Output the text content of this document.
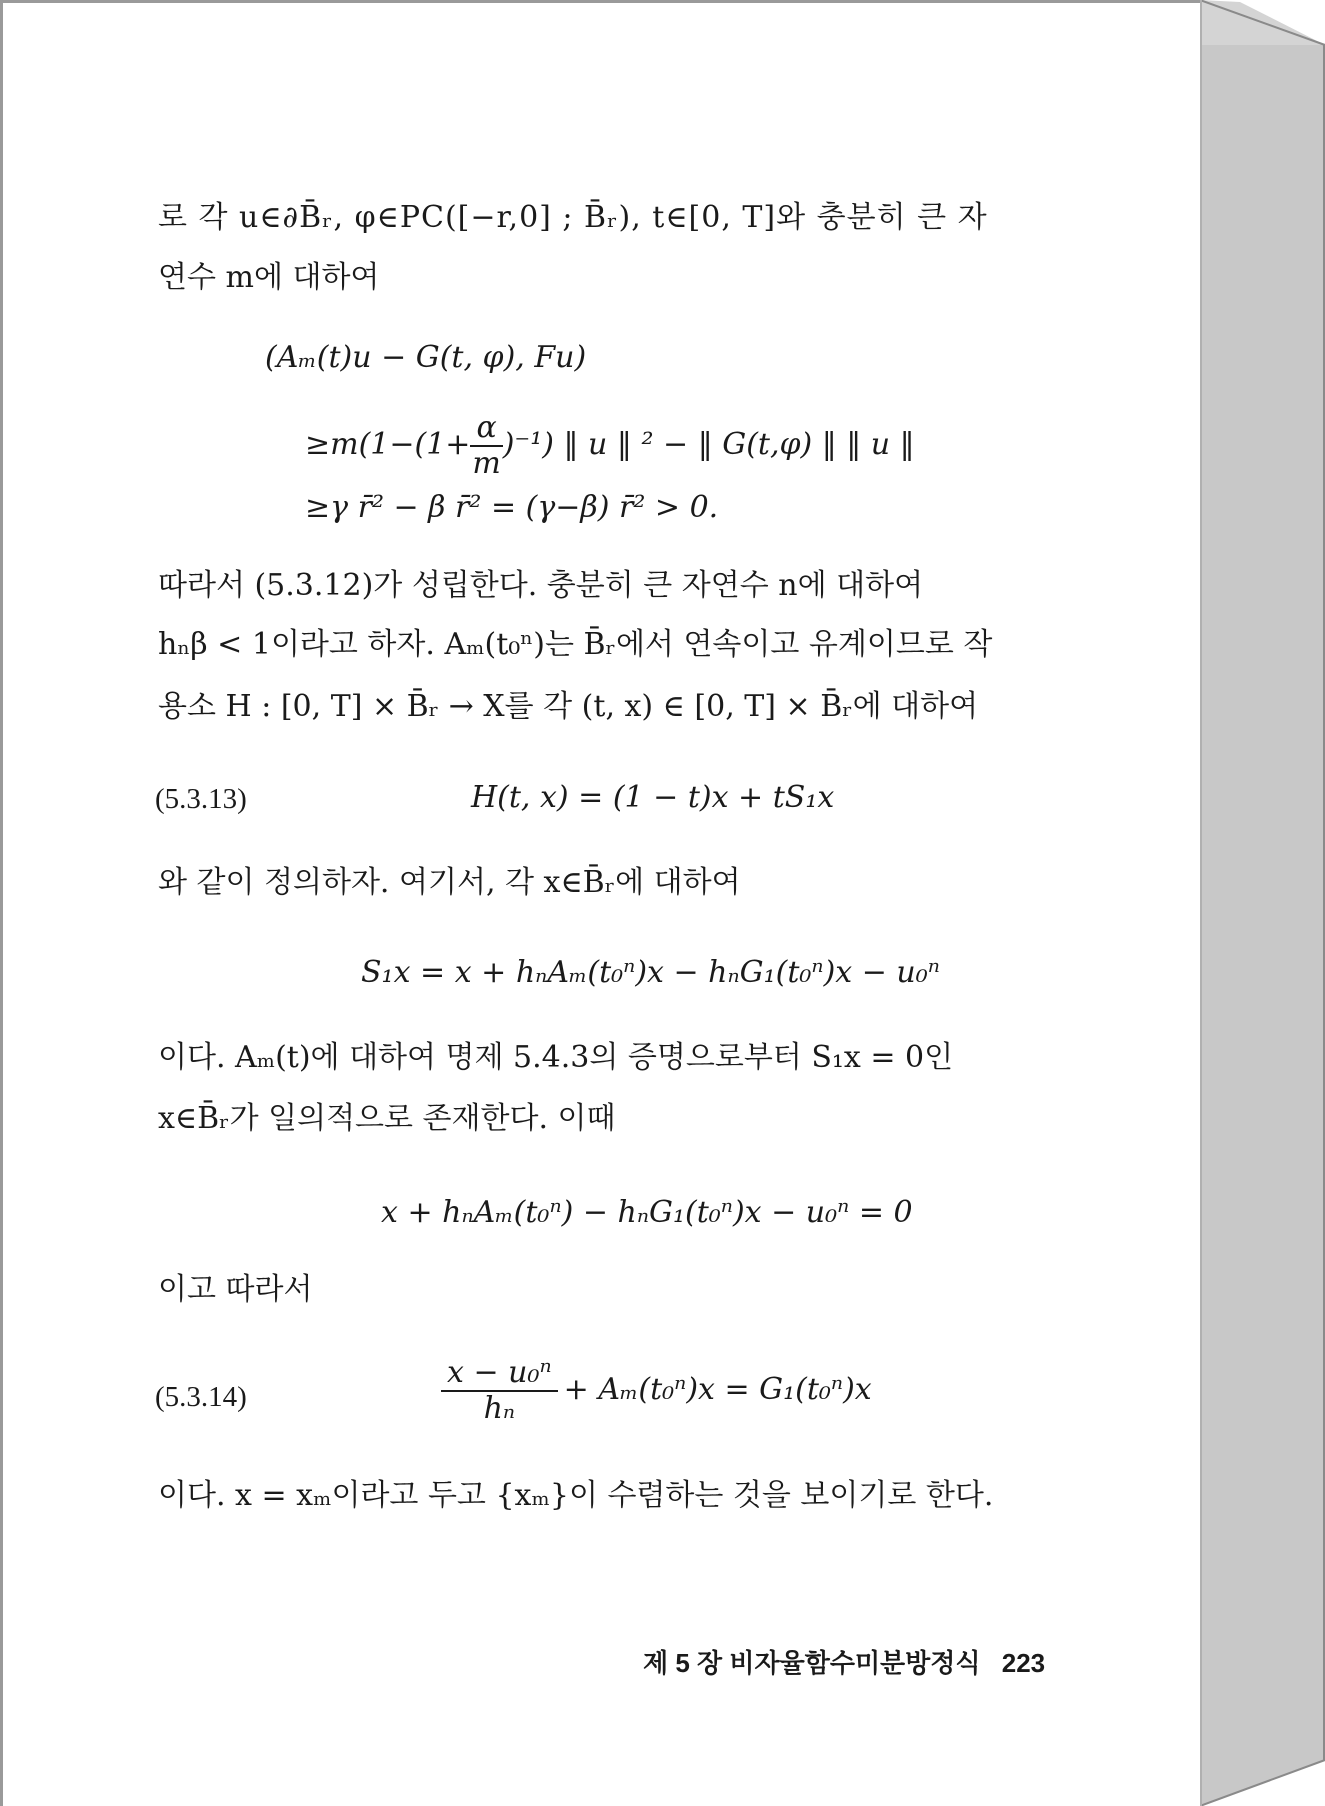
로 각 u∈∂B̄ᵣ, φ∈PC([−r,0] ; B̄ᵣ), t∈[0, T]와 충분히 큰 자
연수 m에 대하여
(Aₘ(t)u − G(t, φ), Fu)
$\ge m(1-(1+ \frac{\alpha}{m} )^{-1})$ ‖ u ‖ ² − ‖ G(t,φ) ‖ ‖ u ‖
≥γ r̄² − β r̄² = (γ−β) r̄² > 0.
따라서 (5.3.12)가 성립한다. 충분히 큰 자연수 n에 대하여
hₙβ < 1이라고 하자. Aₘ(t₀ⁿ)는 B̄ᵣ에서 연속이고 유계이므로 작
용소 H : [0, T] × B̄ᵣ → X를 각 (t, x) ∈ [0, T] × B̄ᵣ에 대하여
(5.3.13)	H(t, x) = (1 − t)x + tS₁x
와 같이 정의하자. 여기서, 각 x∈B̄ᵣ에 대하여
S₁x = x + hₙAₘ(t₀ⁿ)x − hₙG₁(t₀ⁿ)x − u₀ⁿ
이다. Aₘ(t)에 대하여 명제 5.4.3의 증명으로부터 S₁x = 0인
x∈B̄ᵣ가 일의적으로 존재한다. 이때
x + hₙAₘ(t₀ⁿ) − hₙG₁(t₀ⁿ)x − u₀ⁿ = 0
이고 따라서
(5.3.14)	$\frac{\text{x − u₀ⁿ}}{\text{hₙ}} + A_m(t_0^n)x = G_1(t_0^n)x$
이다. x = xₘ이라고 두고 {xₘ}이 수렴하는 것을 보이기로 한다.
제 5 장 비자율함수미분방정식 223
